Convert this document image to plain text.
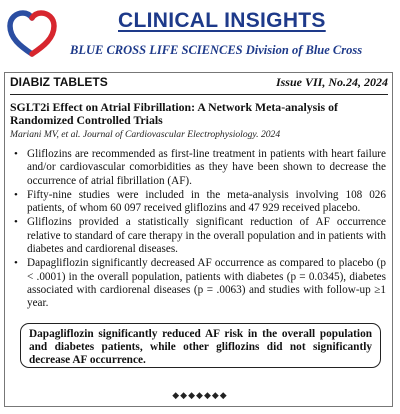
CLINICAL INSIGHTS
BLUE CROSS LIFE SCIENCES Division of Blue Cross
DIABIZ TABLETS	Issue VII, No.24, 2024
SGLT2i Effect on Atrial Fibrillation: A Network Meta-analysis of Randomized Controlled Trials
Mariani MV, et al. Journal of Cardiovascular Electrophysiology. 2024
• Gliflozins are recommended as first-line treatment in patients with heart failure and/or cardiovascular comorbidities as they have been shown to decrease the occurrence of atrial fibrillation (AF).
• Fifty-nine studies were included in the meta-analysis involving 108 026 patients, of whom 60 097 received gliflozins and 47 929 received placebo.
• Gliflozins provided a statistically significant reduction of AF occurrence relative to standard of care therapy in the overall population and in patients with diabetes and cardiorenal diseases.
• Dapagliflozin significantly decreased AF occurrence as compared to placebo (p < .0001) in the overall population, patients with diabetes (p = 0.0345), diabetes associated with cardiorenal diseases (p = .0063) and studies with follow-up ≥1 year.
Dapagliflozin significantly reduced AF risk in the overall population and diabetes patients, while other gliflozins did not significantly decrease AF occurrence.
◆◆◆◆◆◆◆
